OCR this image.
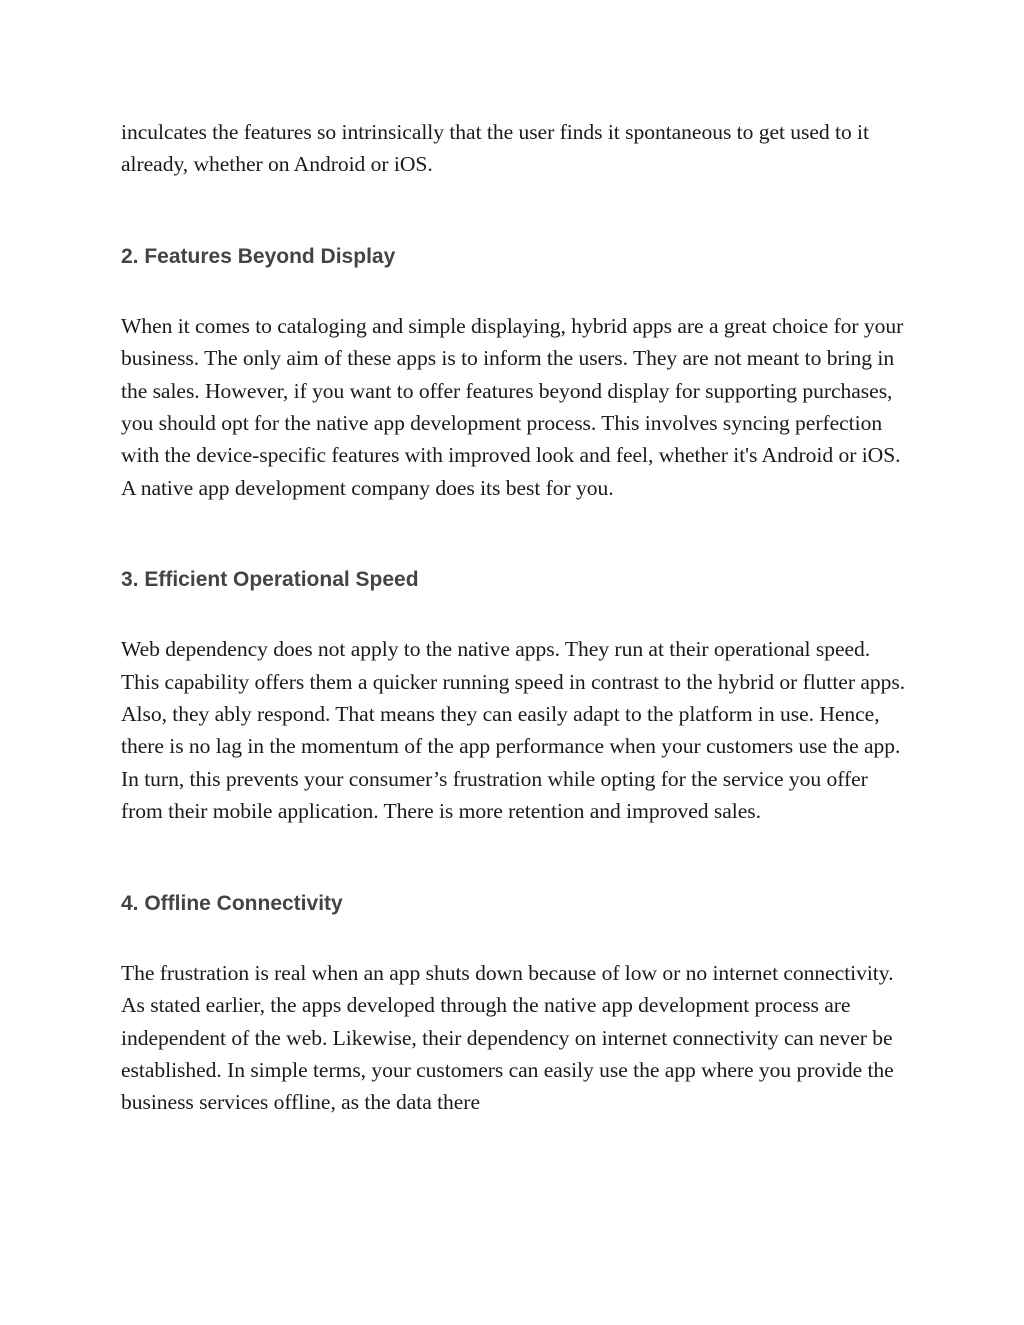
inculcates the features so intrinsically that the user finds it spontaneous to get used to it already, whether on Android or iOS.

2. Features Beyond Display

When it comes to cataloging and simple displaying, hybrid apps are a great choice for your business. The only aim of these apps is to inform the users. They are not meant to bring in the sales. However, if you want to offer features beyond display for supporting purchases, you should opt for the native app development process. This involves syncing perfection with the device-specific features with improved look and feel, whether it's Android or iOS. A native app development company does its best for you.

3. Efficient Operational Speed

Web dependency does not apply to the native apps. They run at their operational speed. This capability offers them a quicker running speed in contrast to the hybrid or flutter apps. Also, they ably respond. That means they can easily adapt to the platform in use. Hence, there is no lag in the momentum of the app performance when your customers use the app. In turn, this prevents your consumer’s frustration while opting for the service you offer from their mobile application. There is more retention and improved sales.

4. Offline Connectivity

The frustration is real when an app shuts down because of low or no internet connectivity. As stated earlier, the apps developed through the native app development process are independent of the web. Likewise, their dependency on internet connectivity can never be established. In simple terms, your customers can easily use the app where you provide the business services offline, as the data there
